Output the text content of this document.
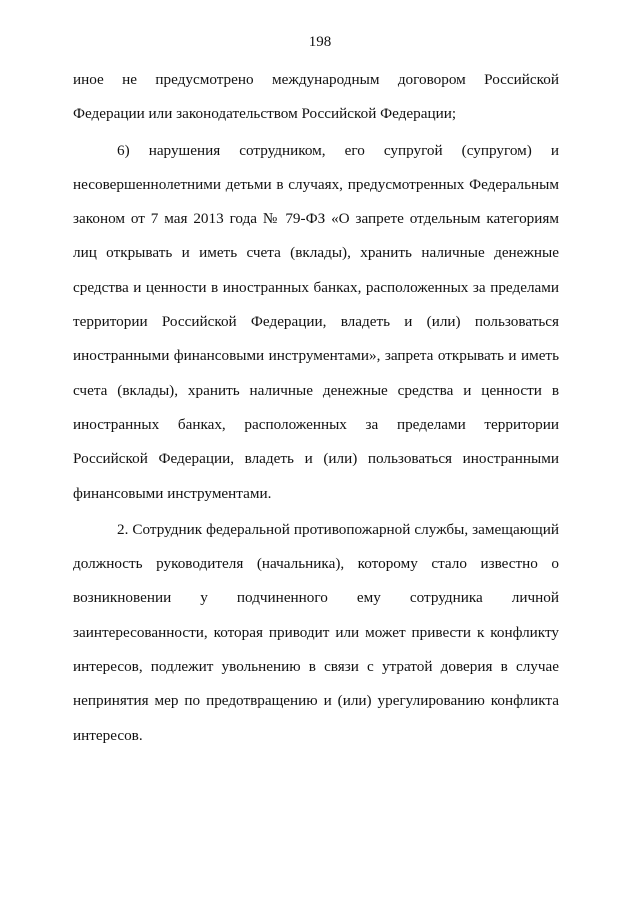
198

иное не предусмотрено международным договором Российской Федерации или законодательством Российской Федерации;

6) нарушения сотрудником, его супругой (супругом) и несовершеннолетними детьми в случаях, предусмотренных Федеральным законом от 7 мая 2013 года № 79-ФЗ «О запрете отдельным категориям лиц открывать и иметь счета (вклады), хранить наличные денежные средства и ценности в иностранных банках, расположенных за пределами территории Российской Федерации, владеть и (или) пользоваться иностранными финансовыми инструментами», запрета открывать и иметь счета (вклады), хранить наличные денежные средства и ценности в иностранных банках, расположенных за пределами территории Российской Федерации, владеть и (или) пользоваться иностранными финансовыми инструментами.

2. Сотрудник федеральной противопожарной службы, замещающий должность руководителя (начальника), которому стало известно о возникновении у подчиненного ему сотрудника личной заинтересованности, которая приводит или может привести к конфликту интересов, подлежит увольнению в связи с утратой доверия в случае непринятия мер по предотвращению и (или) урегулированию конфликта интересов.
